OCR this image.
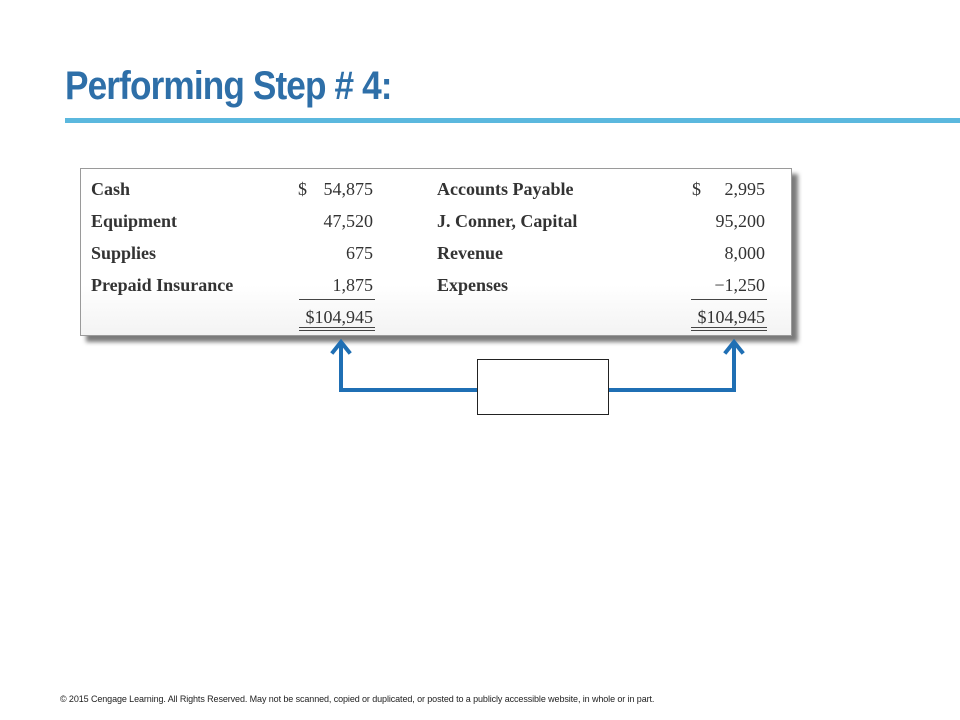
Performing Step # 4:
Cash
Equipment
Supplies
Prepaid Insurance
$ 54,875
47,520
675
1,875
$104,945
Accounts Payable
J. Conner, Capital
Revenue
Expenses
$	2,995
95,200
8,000
−1,250
$104,945
© 2015 Cengage Learning. All Rights Reserved. May not be scanned, copied or duplicated, or posted to a publicly accessible website, in whole or in part.
